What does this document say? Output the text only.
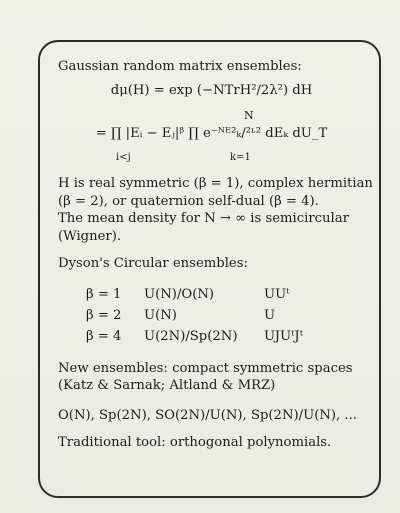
Gaussian random matrix ensembles:
dμ(H) = exp (−NTrH²/2λ²) dH
N
= ∏ |Eᵢ − Eⱼ|ᵝ ∏ e⁻ᴺᴱ²ₖ/²ᶫ² dEₖ dU_T
i<j	k=1
H is real symmetric (β = 1), complex hermitian
(β = 2), or quaternion self-dual (β = 4).
The mean density for N → ∞ is semicircular
(Wigner).
Dyson's Circular ensembles:
β = 1	U(N)/O(N)	UUᵗ
β = 2	U(N)	U
β = 4	U(2N)/Sp(2N)	UJUᵗJᵗ
New ensembles: compact symmetric spaces
(Katz & Sarnak; Altland & MRZ)
O(N), Sp(2N), SO(2N)/U(N), Sp(2N)/U(N), ...
Traditional tool: orthogonal polynomials.
